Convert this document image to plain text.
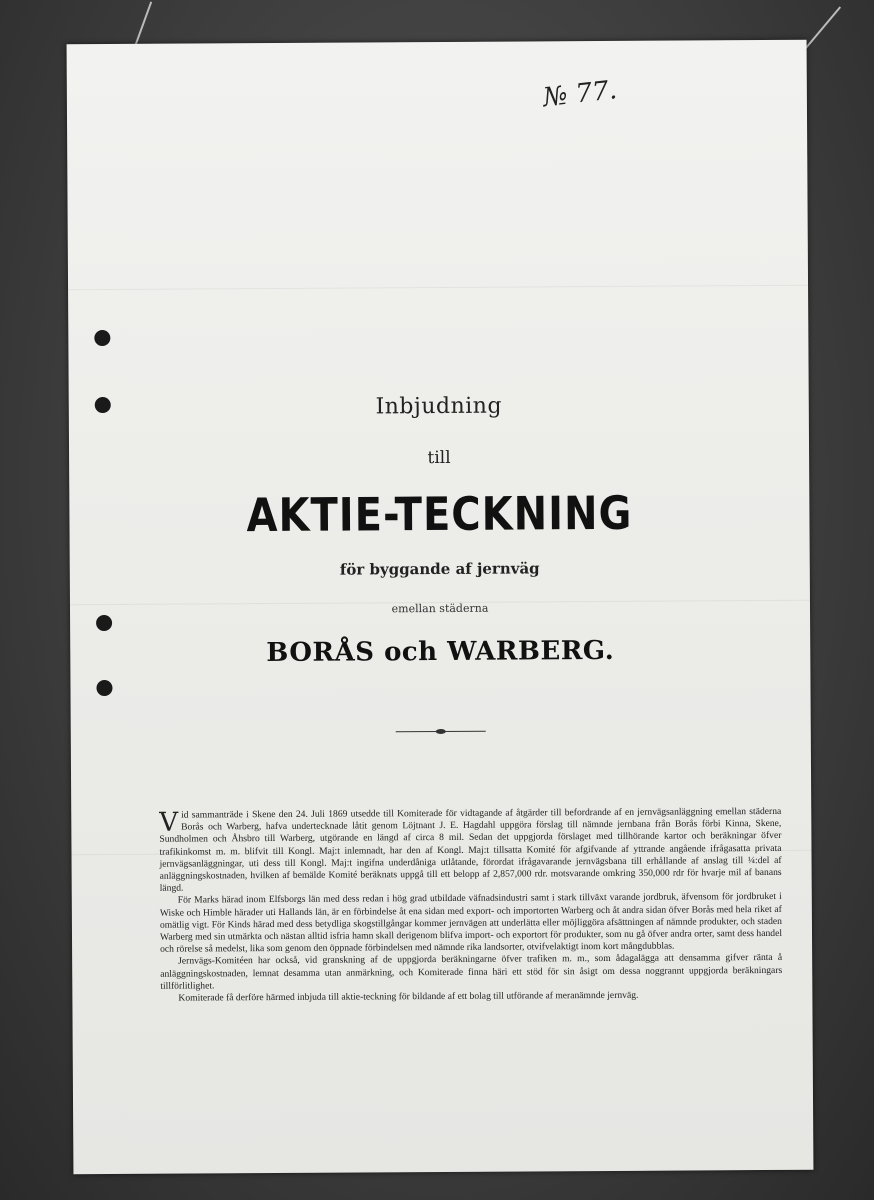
№ 77.
Inbjudning
till
AKTIE-TECKNING
för byggande af jernväg
emellan städerna
BORÅS och WARBERG.

Vid sammanträde i Skene den 24. Juli 1869 utsedde till Komiterade för vidtagande af åtgärder till befordrande af en jernvägsanläggning emellan städerna Borås och Warberg, hafva undertecknade låtit genom Löjtnant J. E. Hagdahl uppgöra förslag till nämnde jernbana från Borås förbi Kinna, Skene, Sundholmen och Åhsbro till Warberg, utgörande en längd af circa 8 mil. Sedan det uppgjorda förslaget med tillhörande kartor och beräkningar öfver trafikinkomst m. m. blifvit till Kongl. Maj:t inlemnadt, har den af Kongl. Maj:t tillsatta Komité för afgifvande af yttrande angående ifrågasatta privata jernvägsanläggningar, uti dess till Kongl. Maj:t ingifna underdåniga utlåtande, förordat ifrågavarande jernvägsbana till erhållande af anslag till ¼:del af anläggningskostnaden, hvilken af bemälde Komité beräknats uppgå till ett belopp af 2,857,000 rdr. motsvarande omkring 350,000 rdr för hvarje mil af banans längd.

För Marks härad inom Elfsborgs län med dess redan i hög grad utbildade väfnadsindustri samt i stark tillväxt varande jordbruk, äfvensom för jordbruket i Wiske och Himble härader uti Hallands län, är en förbindelse åt ena sidan med export- och importorten Warberg och åt andra sidan öfver Borås med hela riket af omätlig vigt. För Kinds härad med dess betydliga skogstillgångar kommer jernvägen att underlätta eller möjliggöra afsättningen af nämnde produkter, och staden Warberg med sin utmärkta och nästan alltid isfria hamn skall derigenom blifva import- och exportort för produkter, som nu gå öfver andra orter, samt dess handel och rörelse så medelst, lika som genom den öppnade förbindelsen med nämnde rika landsorter, otvifvelaktigt inom kort mångdubblas.

Jernvägs-Komitéen har också, vid granskning af de uppgjorda beräkningarne öfver trafiken m. m., som ådagalägga att densamma gifver ränta å anläggningskostnaden, lemnat desamma utan anmärkning, och Komiterade finna häri ett stöd för sin åsigt om dessa noggrannt uppgjorda beräkningars tillförlitlighet.

Komiterade få derföre härmed inbjuda till aktie-teckning för bildande af ett bolag till utförande af meranämnde jernväg.
